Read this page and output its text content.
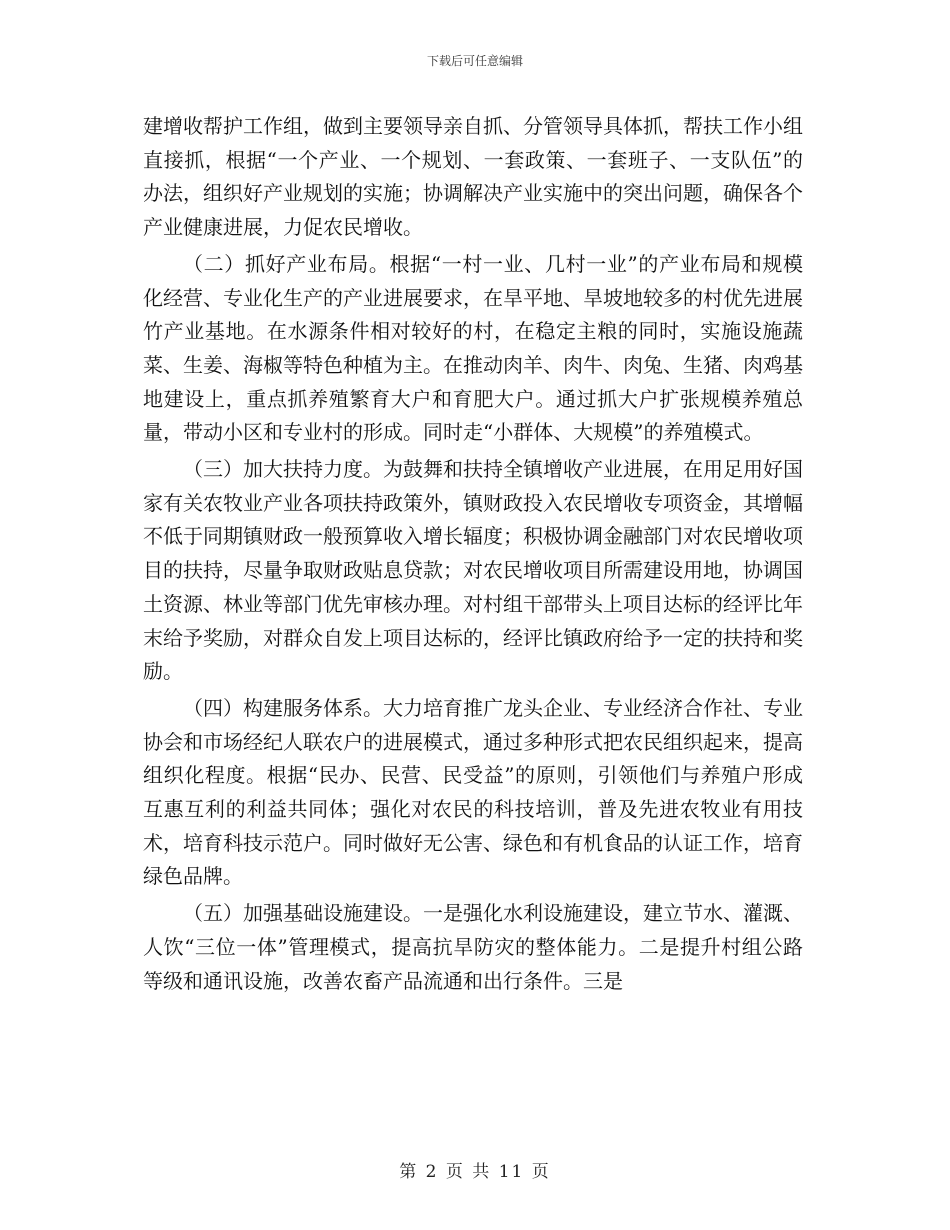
下载后可任意编辑

建增收帮护工作组，做到主要领导亲自抓、分管领导具体抓，帮扶工作小组直接抓，根据“一个产业、一个规划、一套政策、一套班子、一支队伍”的办法，组织好产业规划的实施；协调解决产业实施中的突出问题，确保各个产业健康进展，力促农民增收。

（二）抓好产业布局。根据“一村一业、几村一业”的产业布局和规模化经营、专业化生产的产业进展要求，在旱平地、旱坡地较多的村优先进展竹产业基地。在水源条件相对较好的村，在稳定主粮的同时，实施设施蔬菜、生姜、海椒等特色种植为主。在推动肉羊、肉牛、肉兔、生猪、肉鸡基地建设上，重点抓养殖繁育大户和育肥大户。通过抓大户扩张规模养殖总量，带动小区和专业村的形成。同时走“小群体、大规模”的养殖模式。

（三）加大扶持力度。为鼓舞和扶持全镇增收产业进展，在用足用好国家有关农牧业产业各项扶持政策外，镇财政投入农民增收专项资金，其增幅不低于同期镇财政一般预算收入增长辐度；积极协调金融部门对农民增收项目的扶持，尽量争取财政贴息贷款；对农民增收项目所需建设用地，协调国土资源、林业等部门优先审核办理。对村组干部带头上项目达标的经评比年末给予奖励，对群众自发上项目达标的，经评比镇政府给予一定的扶持和奖励。

（四）构建服务体系。大力培育推广龙头企业、专业经济合作社、专业协会和市场经纪人联农户的进展模式，通过多种形式把农民组织起来，提高组织化程度。根据“民办、民营、民受益”的原则，引领他们与养殖户形成互惠互利的利益共同体；强化对农民的科技培训，普及先进农牧业有用技术，培育科技示范户。同时做好无公害、绿色和有机食品的认证工作，培育绿色品牌。

（五）加强基础设施建设。一是强化水利设施建设，建立节水、灌溉、人饮“三位一体”管理模式，提高抗旱防灾的整体能力。二是提升村组公路等级和通讯设施，改善农畜产品流通和出行条件。三是

第 2 页 共 11 页
